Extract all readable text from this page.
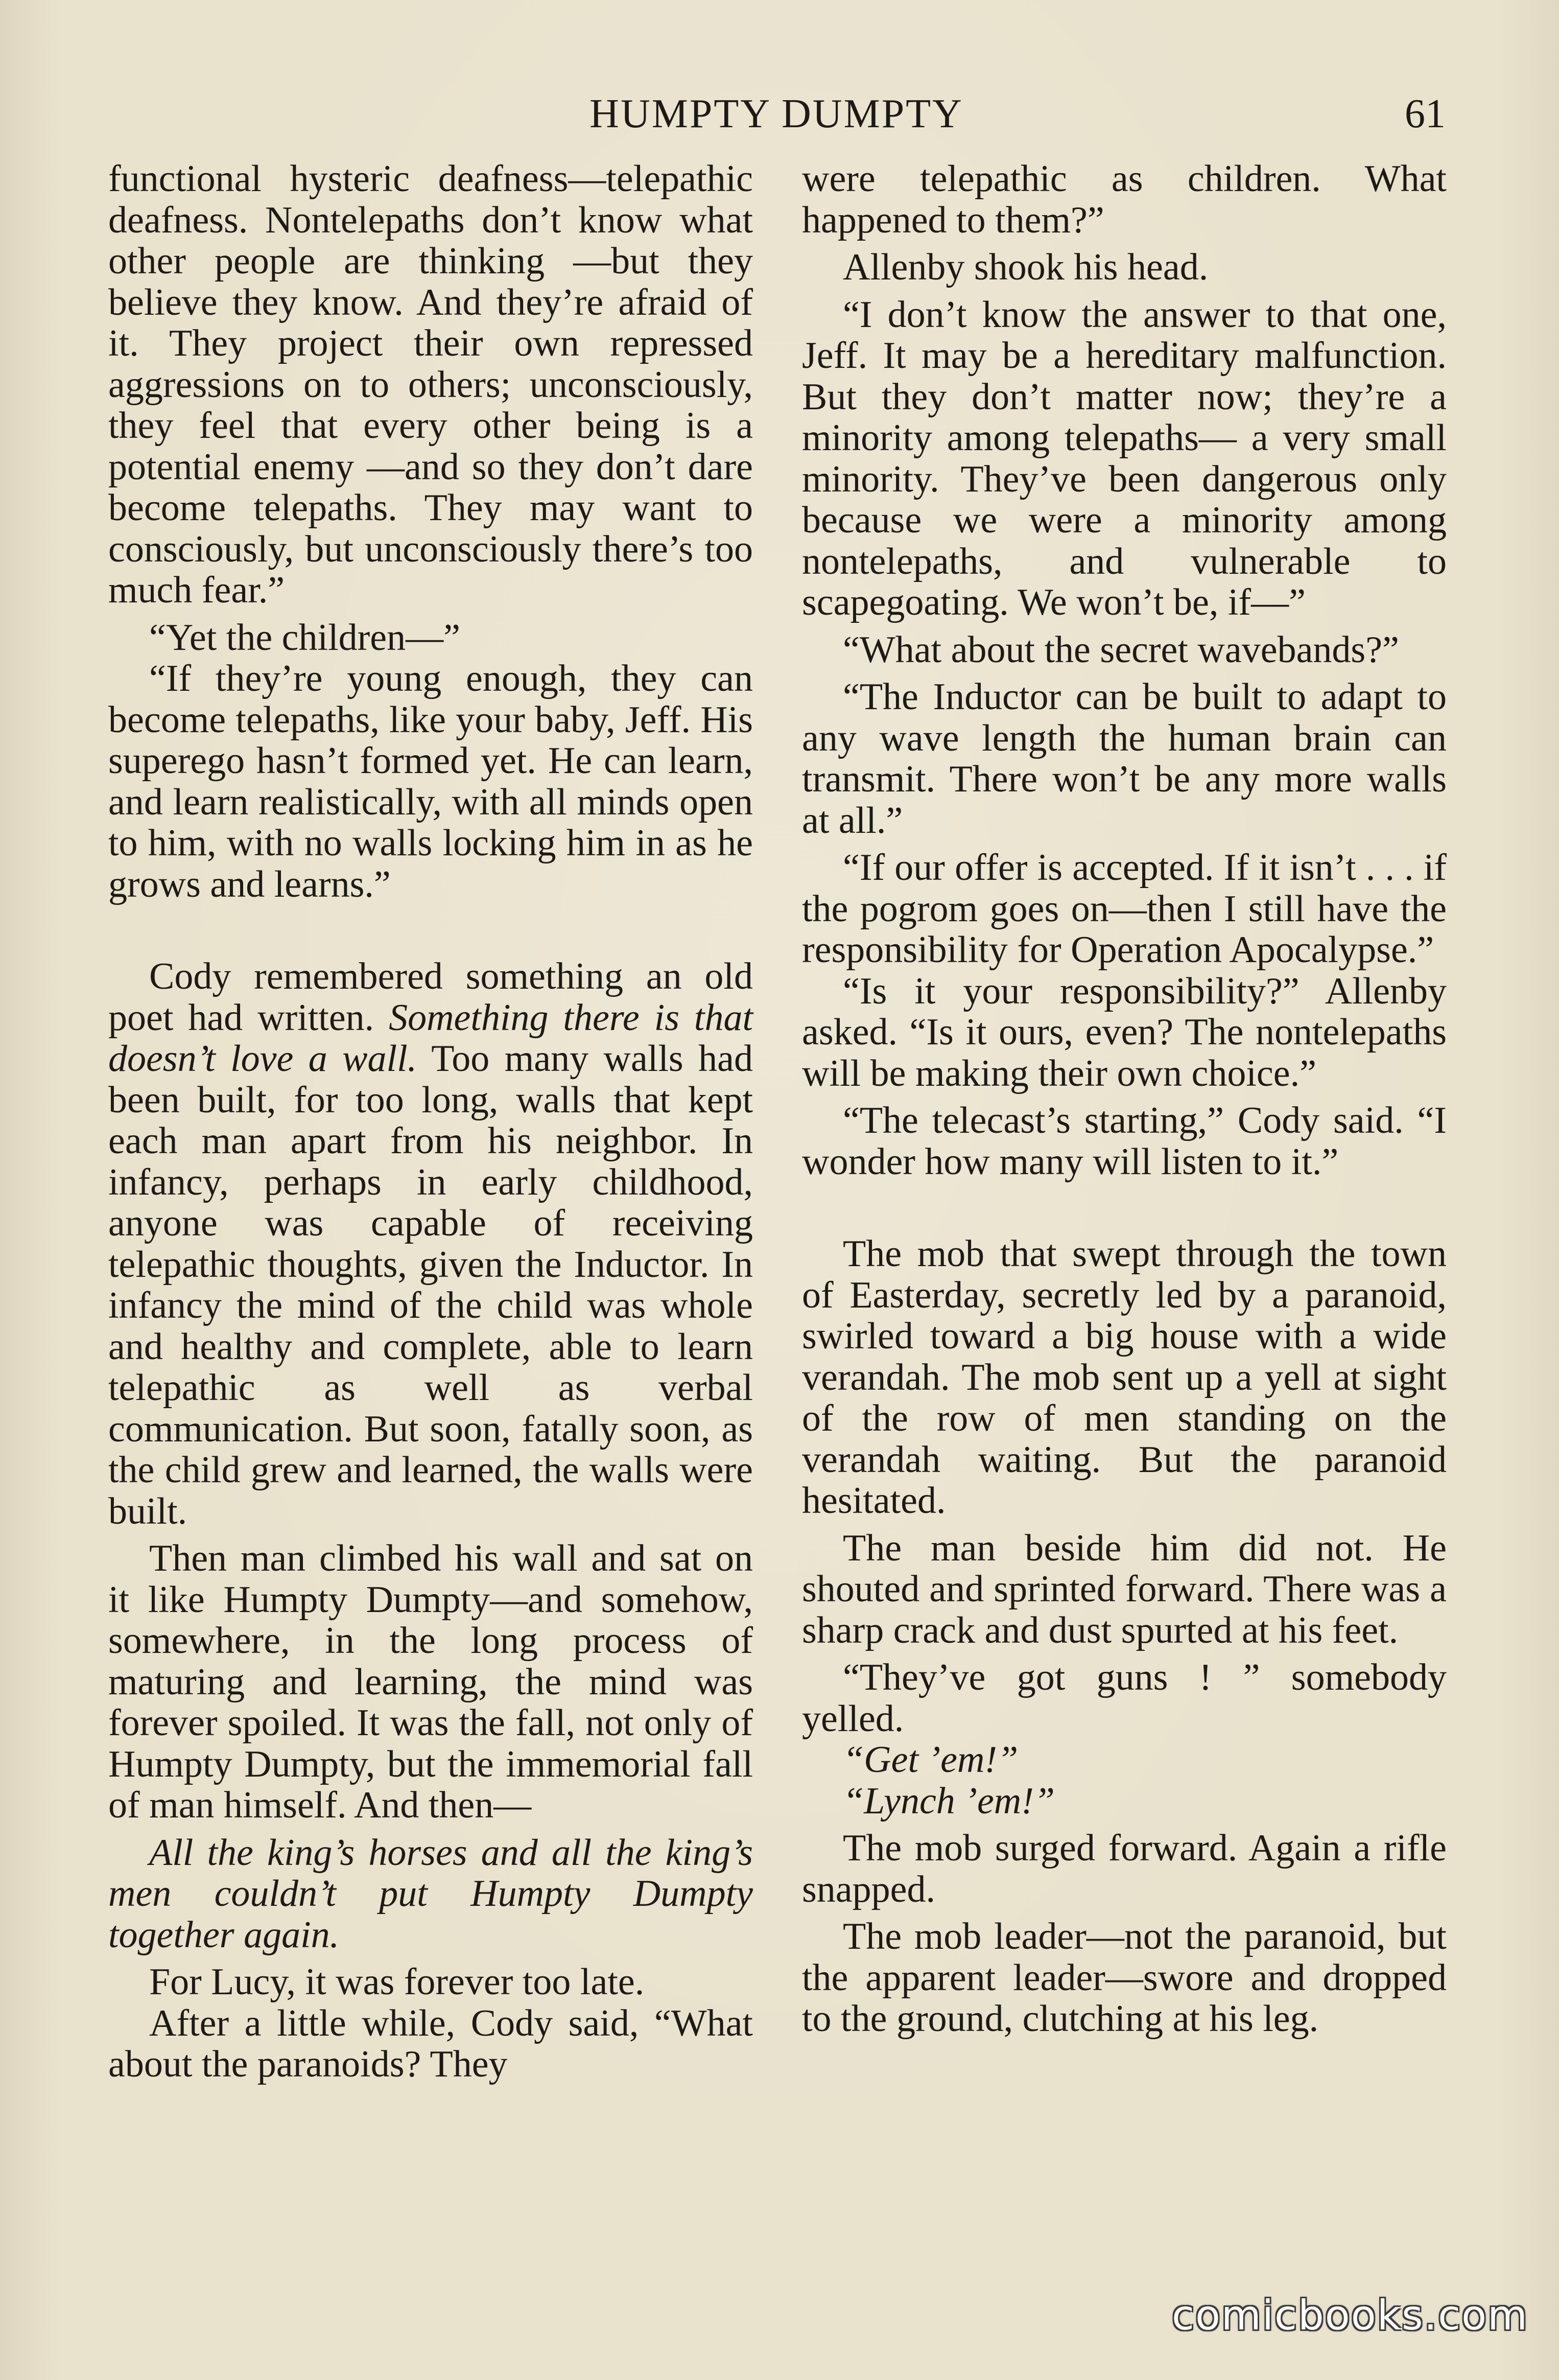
HUMPTY DUMPTY	61

functional hysteric deafness—telepathic deafness. Nontelepaths don’t know what other people are thinking —but they believe they know. And they’re afraid of it. They project their own repressed aggressions on to others; unconsciously, they feel that every other being is a potential enemy —and so they don’t dare become telepaths. They may want to consciously, but unconsciously there’s too much fear.”

“Yet the children—”

“If they’re young enough, they can become telepaths, like your baby, Jeff. His superego hasn’t formed yet. He can learn, and learn realistically, with all minds open to him, with no walls locking him in as he grows and learns.”

Cody remembered something an old poet had written. Something there is that doesn’t love a wall. Too many walls had been built, for too long, walls that kept each man apart from his neighbor. In infancy, perhaps in early childhood, anyone was capable of receiving telepathic thoughts, given the Inductor. In infancy the mind of the child was whole and healthy and complete, able to learn telepathic as well as verbal communication. But soon, fatally soon, as the child grew and learned, the walls were built.

Then man climbed his wall and sat on it like Humpty Dumpty—and somehow, somewhere, in the long process of maturing and learning, the mind was forever spoiled. It was the fall, not only of Humpty Dumpty, but the immemorial fall of man himself. And then—

All the king’s horses and all the king’s men couldn’t put Humpty Dumpty together again.

For Lucy, it was forever too late.

After a little while, Cody said, “What about the paranoids? They

were telepathic as children. What happened to them?”

Allenby shook his head.

“I don’t know the answer to that one, Jeff. It may be a hereditary malfunction. But they don’t matter now; they’re a minority among telepaths— a very small minority. They’ve been dangerous only because we were a minority among nontelepaths, and vulnerable to scapegoating. We won’t be, if—”

“What about the secret wavebands?”

“The Inductor can be built to adapt to any wave length the human brain can transmit. There won’t be any more walls at all.”

“If our offer is accepted. If it isn’t . . . if the pogrom goes on—then I still have the responsibility for Operation Apocalypse.”

“Is it your responsibility?” Allenby asked. “Is it ours, even? The nontelepaths will be making their own choice.”

“The telecast’s starting,” Cody said. “I wonder how many will listen to it.”

The mob that swept through the town of Easterday, secretly led by a paranoid, swirled toward a big house with a wide verandah. The mob sent up a yell at sight of the row of men standing on the verandah waiting. But the paranoid hesitated.

The man beside him did not. He shouted and sprinted forward. There was a sharp crack and dust spurted at his feet.

“They’ve got guns ! ” somebody yelled.

“Get ’em!”

“Lynch ’em!”

The mob surged forward. Again a rifle snapped.

The mob leader—not the paranoid, but the apparent leader—swore and dropped to the ground, clutching at his leg.

comicbooks.com
